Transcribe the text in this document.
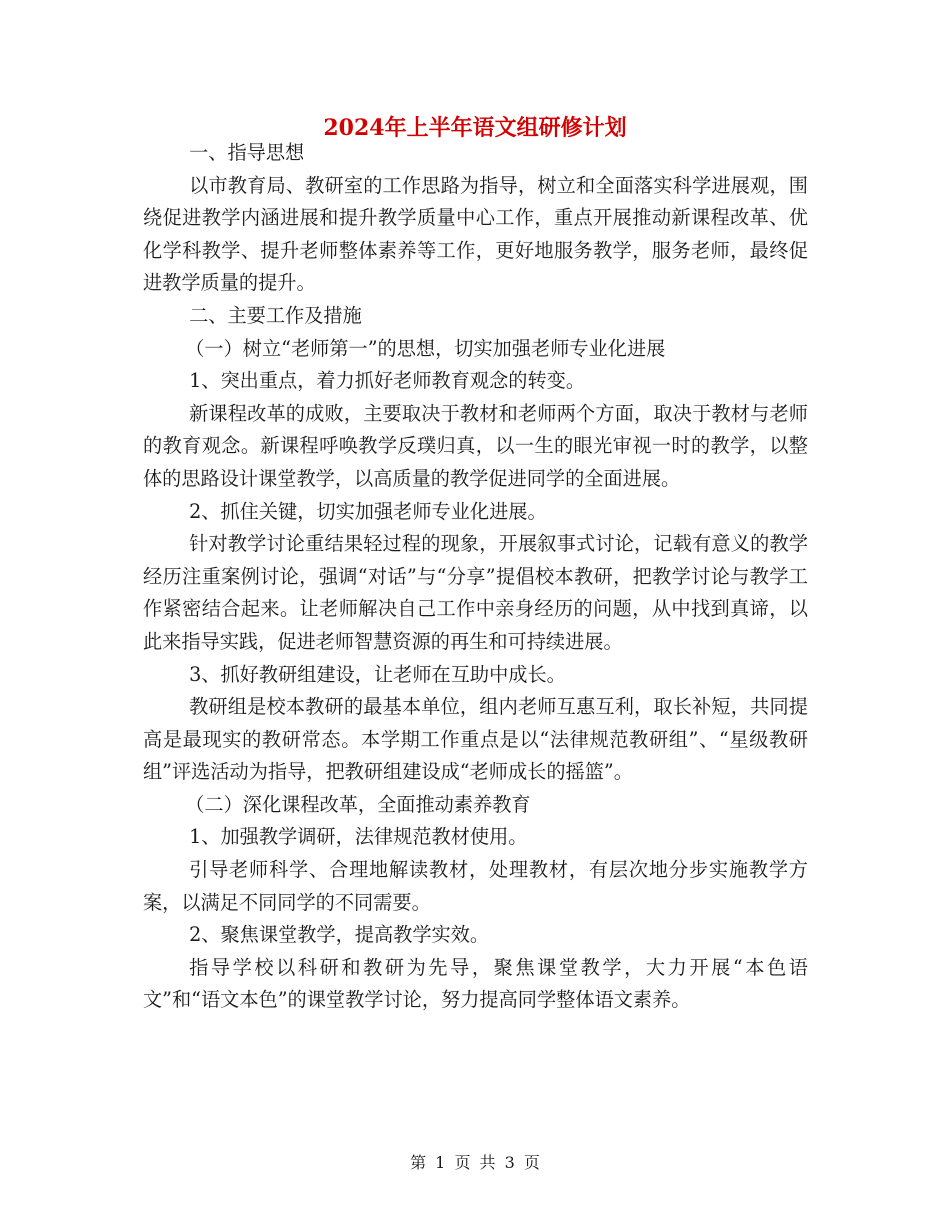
2024年上半年语文组研修计划

一、指导思想

以市教育局、教研室的工作思路为指导，树立和全面落实科学进展观，围绕促进教学内涵进展和提升教学质量中心工作，重点开展推动新课程改革、优化学科教学、提升老师整体素养等工作，更好地服务教学，服务老师，最终促进教学质量的提升。

二、主要工作及措施

（一）树立“老师第一”的思想，切实加强老师专业化进展

1、突出重点，着力抓好老师教育观念的转变。

新课程改革的成败，主要取决于教材和老师两个方面，取决于教材与老师的教育观念。新课程呼唤教学反璞归真，以一生的眼光审视一时的教学，以整体的思路设计课堂教学，以高质量的教学促进同学的全面进展。

2、抓住关键，切实加强老师专业化进展。

针对教学讨论重结果轻过程的现象，开展叙事式讨论，记载有意义的教学经历注重案例讨论，强调“对话”与“分享”提倡校本教研，把教学讨论与教学工作紧密结合起来。让老师解决自己工作中亲身经历的问题，从中找到真谛，以此来指导实践，促进老师智慧资源的再生和可持续进展。

3、抓好教研组建设，让老师在互助中成长。

教研组是校本教研的最基本单位，组内老师互惠互利，取长补短，共同提高是最现实的教研常态。本学期工作重点是以“法律规范教研组”、“星级教研组”评选活动为指导，把教研组建设成“老师成长的摇篮”。

（二）深化课程改革，全面推动素养教育

1、加强教学调研，法律规范教材使用。

引导老师科学、合理地解读教材，处理教材，有层次地分步实施教学方案，以满足不同同学的不同需要。

2、聚焦课堂教学，提高教学实效。

指导学校以科研和教研为先导，聚焦课堂教学，大力开展“本色语文”和“语文本色”的课堂教学讨论，努力提高同学整体语文素养。

第 1 页 共 3 页
